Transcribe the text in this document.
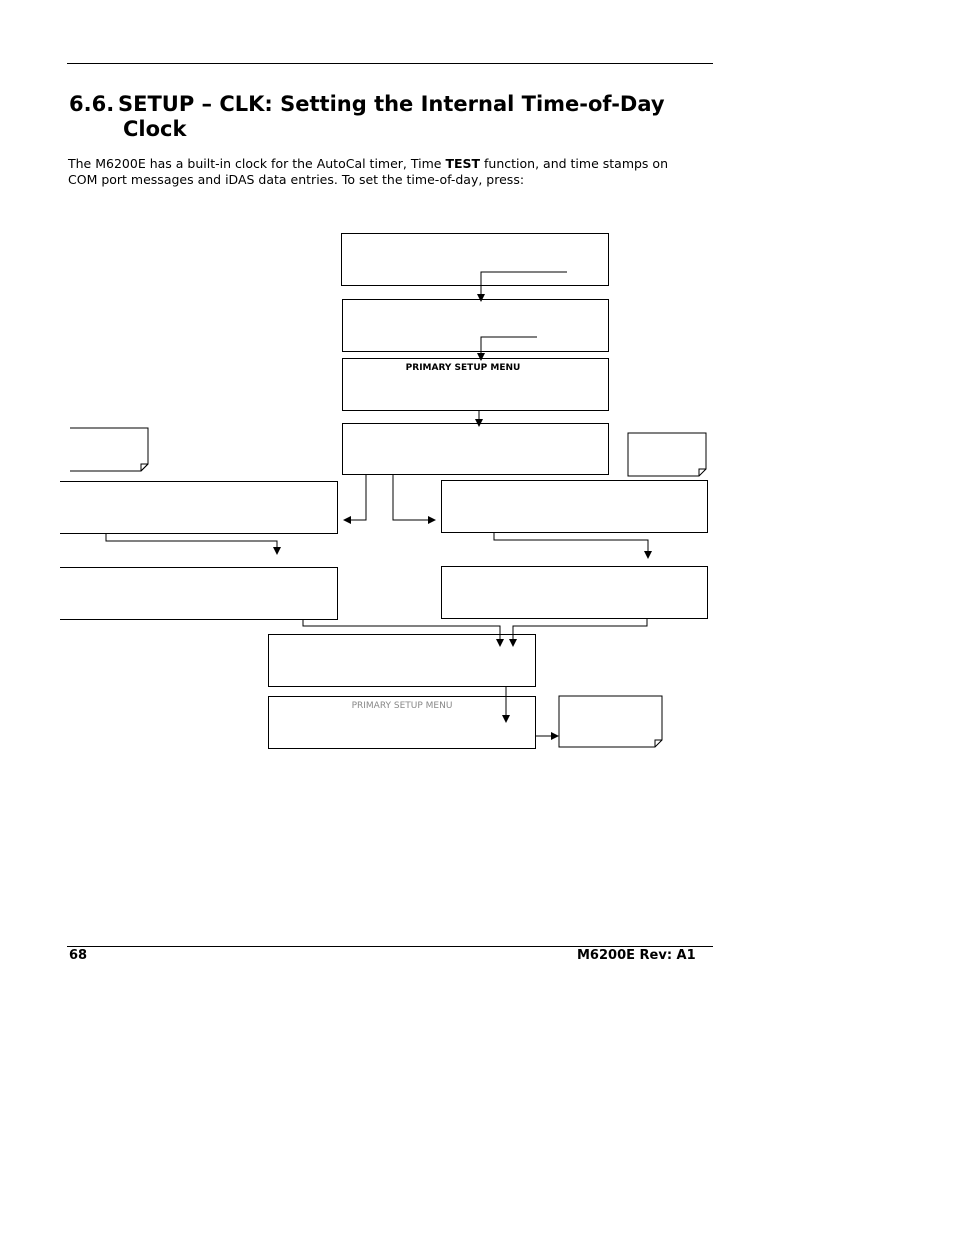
6.6. SETUP – CLK: Setting the Internal Time-of-Day
Clock

The M6200E has a built-in clock for the AutoCal timer, Time TEST function, and time stamps on

COM port messages and iDAS data entries. To set the time-of-day, press:

PRIMARY SETUP MENU
PRIMARY SETUP MENU
68	M6200E Rev: A1
